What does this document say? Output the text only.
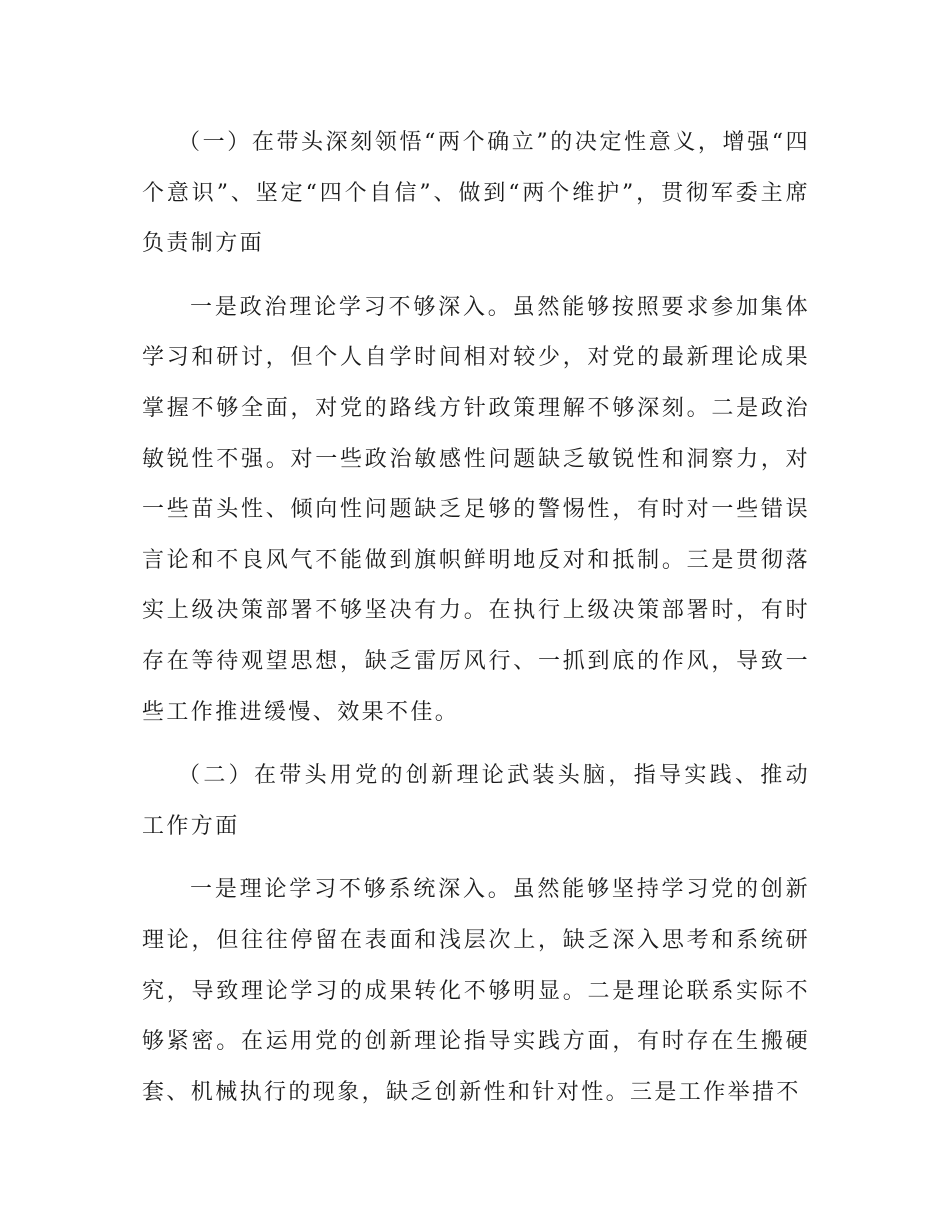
（一）在带头深刻领悟“两个确立”的决定性意义，增强“四个意识”、坚定“四个自信”、做到“两个维护”，贯彻军委主席负责制方面

一是政治理论学习不够深入。虽然能够按照要求参加集体学习和研讨，但个人自学时间相对较少，对党的最新理论成果掌握不够全面，对党的路线方针政策理解不够深刻。二是政治敏锐性不强。对一些政治敏感性问题缺乏敏锐性和洞察力，对一些苗头性、倾向性问题缺乏足够的警惕性，有时对一些错误言论和不良风气不能做到旗帜鲜明地反对和抵制。三是贯彻落实上级决策部署不够坚决有力。在执行上级决策部署时，有时存在等待观望思想，缺乏雷厉风行、一抓到底的作风，导致一些工作推进缓慢、效果不佳。

（二）在带头用党的创新理论武装头脑，指导实践、推动工作方面

一是理论学习不够系统深入。虽然能够坚持学习党的创新理论，但往往停留在表面和浅层次上，缺乏深入思考和系统研究，导致理论学习的成果转化不够明显。二是理论联系实际不够紧密。在运用党的创新理论指导实践方面，有时存在生搬硬套、机械执行的现象，缺乏创新性和针对性。三是工作举措不
